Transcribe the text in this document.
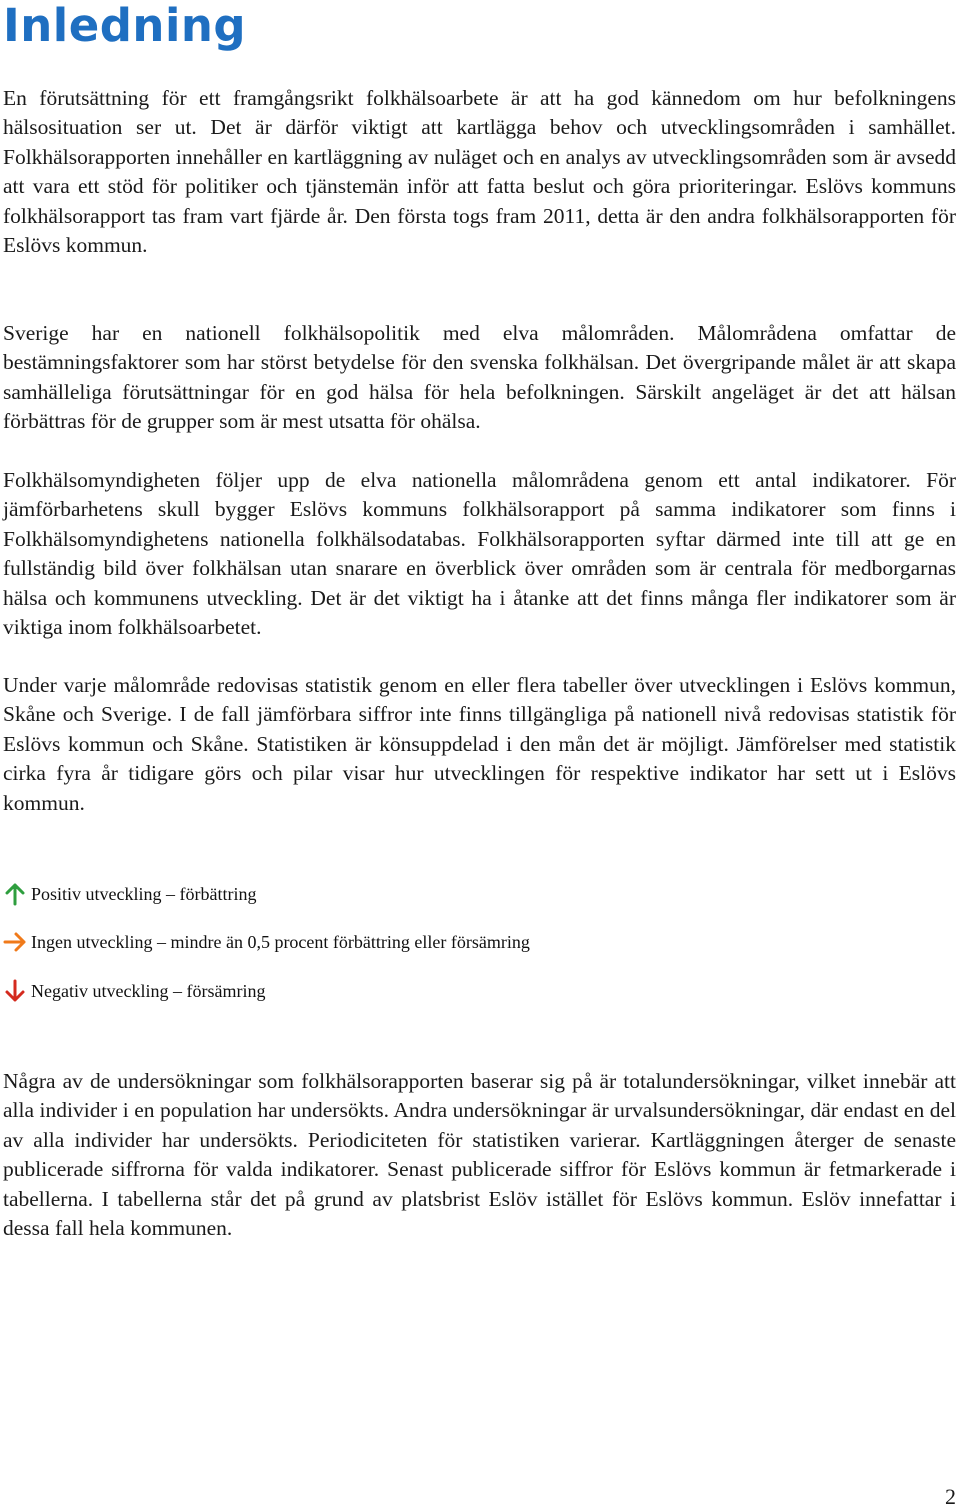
Inledning

En förutsättning för ett framgångsrikt folkhälsoarbete är att ha god kännedom om hur befolkningens hälsosituation ser ut. Det är därför viktigt att kartlägga behov och utvecklingsområden i samhället. Folkhälsorapporten innehåller en kartläggning av nuläget och en analys av utvecklingsområden som är avsedd att vara ett stöd för politiker och tjänstemän inför att fatta beslut och göra prioriteringar. Eslövs kommuns folkhälsorapport tas fram vart fjärde år. Den första togs fram 2011, detta är den andra folkhälsorapporten för Eslövs kommun.

Sverige har en nationell folkhälsopolitik med elva målområden. Målområdena omfattar de bestämningsfaktorer som har störst betydelse för den svenska folkhälsan. Det övergripande målet är att skapa samhälleliga förutsättningar för en god hälsa för hela befolkningen. Särskilt angeläget är det att hälsan förbättras för de grupper som är mest utsatta för ohälsa.

Folkhälsomyndigheten följer upp de elva nationella målområdena genom ett antal indikatorer. För jämförbarhetens skull bygger Eslövs kommuns folkhälsorapport på samma indikatorer som finns i Folkhälsomyndighetens nationella folkhälsodatabas. Folkhälsorapporten syftar därmed inte till att ge en fullständig bild över folkhälsan utan snarare en överblick över områden som är centrala för medborgarnas hälsa och kommunens utveckling. Det är det viktigt ha i åtanke att det finns många fler indikatorer som är viktiga inom folkhälsoarbetet.

Under varje målområde redovisas statistik genom en eller flera tabeller över utvecklingen i Eslövs kommun, Skåne och Sverige. I de fall jämförbara siffror inte finns tillgängliga på nationell nivå redovisas statistik för Eslövs kommun och Skåne. Statistiken är könsuppdelad i den mån det är möjligt. Jämförelser med statistik cirka fyra år tidigare görs och pilar visar hur utvecklingen för respektive indikator har sett ut i Eslövs kommun.

Positiv utveckling – förbättring
Ingen utveckling – mindre än 0,5 procent förbättring eller försämring
Negativ utveckling – försämring

Några av de undersökningar som folkhälsorapporten baserar sig på är totalundersökningar, vilket innebär att alla individer i en population har undersökts. Andra undersökningar är urvalsundersökningar, där endast en del av alla individer har undersökts. Periodiciteten för statistiken varierar. Kartläggningen återger de senaste publicerade siffrorna för valda indikatorer. Senast publicerade siffror för Eslövs kommun är fetmarkerade i tabellerna. I tabellerna står det på grund av platsbrist Eslöv istället för Eslövs kommun. Eslöv innefattar i dessa fall hela kommunen.

2
